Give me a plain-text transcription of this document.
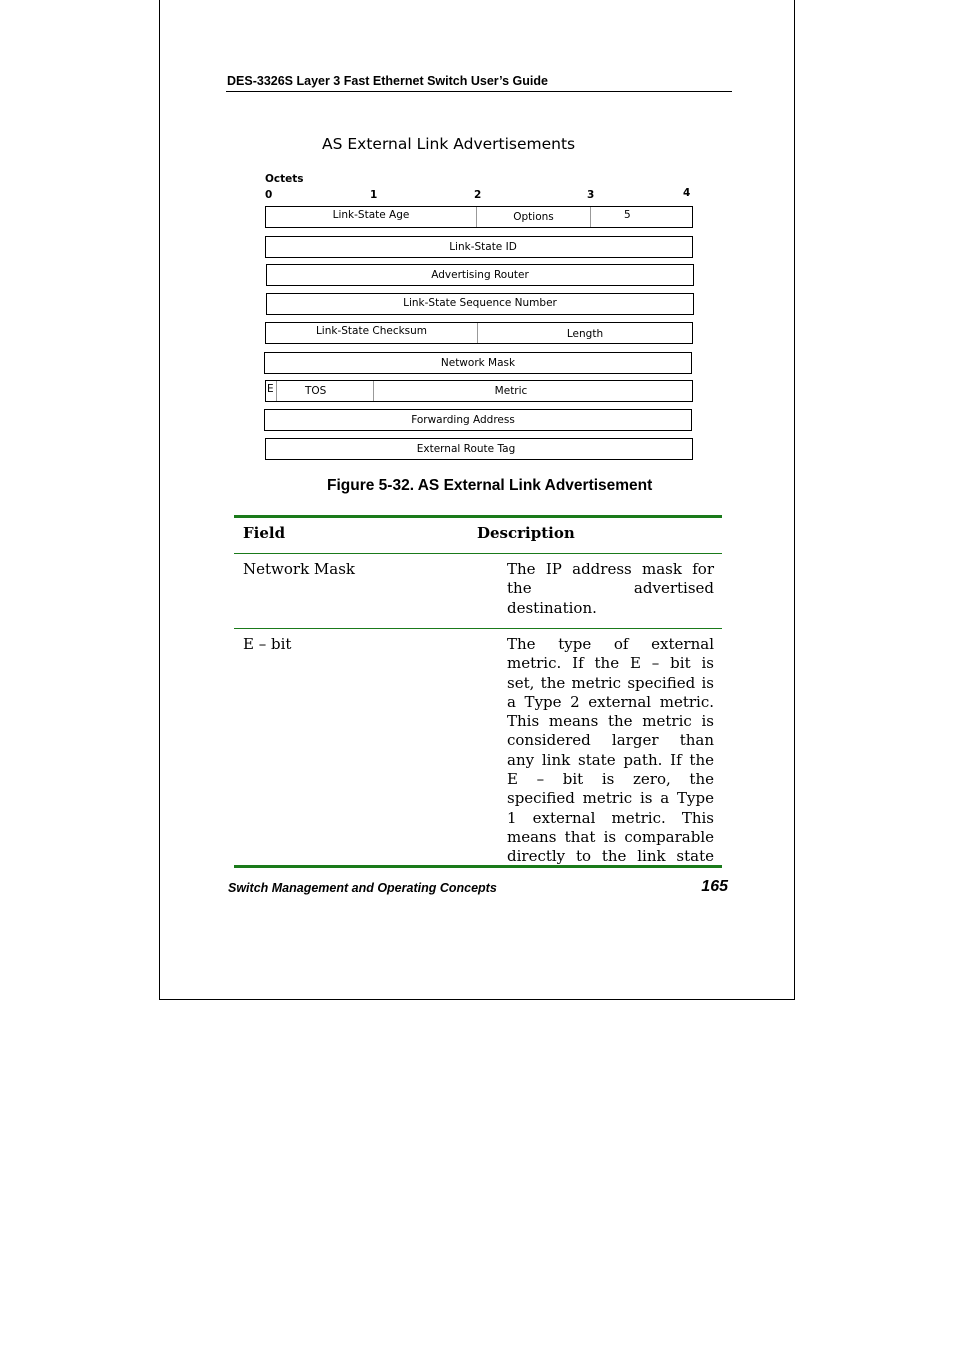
DES-3326S Layer 3 Fast Ethernet Switch User’s Guide
AS External Link Advertisements
Octets
0	1	2	3	4
Link-State Age	Options	5
Link-State ID
Advertising Router
Link-State Sequence Number
Link-State Checksum	Length
Network Mask
E	TOS	Metric
Forwarding Address
External Route Tag
Figure 5-32. AS External Link Advertisement
Field	Description
Network Mask	The IP address mask for
the advertised
destination.
E – bit	The type of external
metric. If the E – bit is
set, the metric specified is
a Type 2 external metric.
This means the metric is
considered larger than
any link state path. If the
E – bit is zero, the
specified metric is a Type
1 external metric. This
means that is comparable
directly to the link state
Switch Management and Operating Concepts	165
